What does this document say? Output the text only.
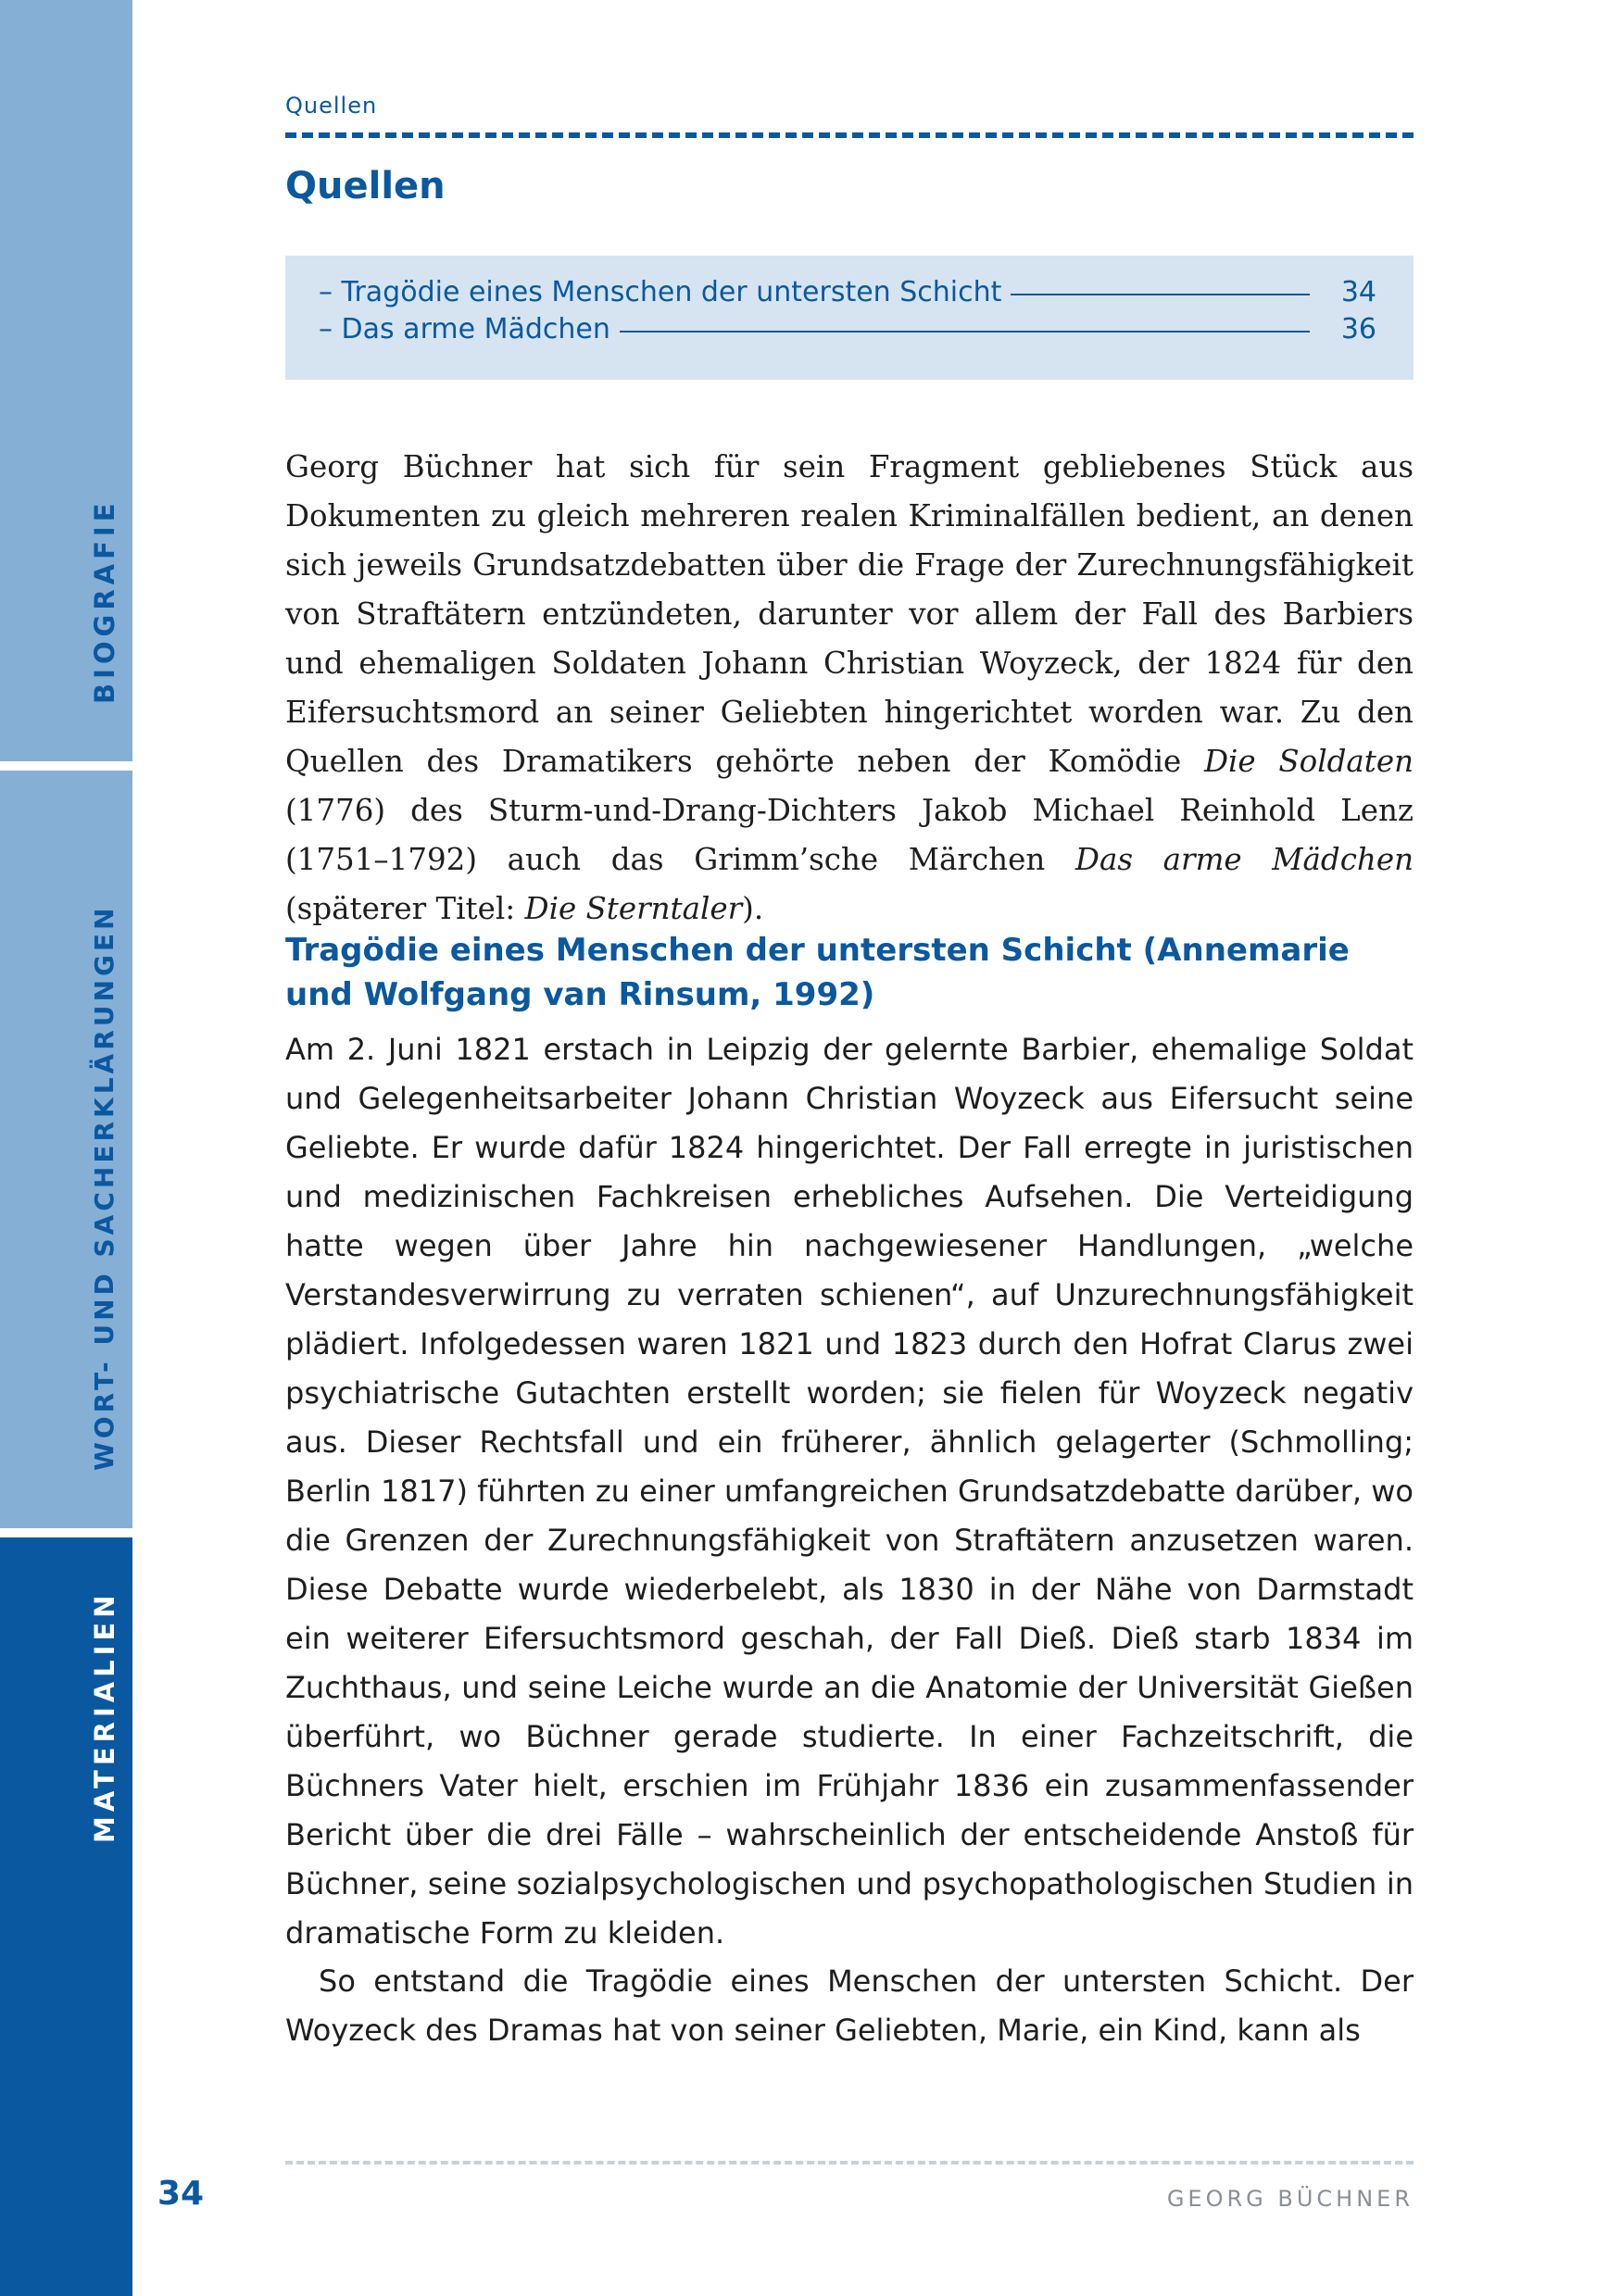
BIOGRAFIE
WORT- UND SACHERKLÄRUNGEN
MATERIALIEN
34
Quellen
Quellen
– Tragödie eines Menschen der untersten Schicht	34
– Das arme Mädchen	36

Georg Büchner hat sich für sein Fragment gebliebenes Stück aus Dokumenten zu gleich mehreren realen Kriminalfällen bedient, an denen sich jeweils Grundsatzdebatten über die Frage der Zurechnungsfähigkeit von Straftätern entzündeten, darunter vor allem der Fall des Barbiers und ehemaligen Soldaten Johann Christian Woyzeck, der 1824 für den Eifersuchtsmord an seiner Geliebten hingerichtet worden war. Zu den Quellen des Dramatikers gehörte neben der Komödie Die Soldaten (1776) des Sturm-und-Drang-Dichters Jakob Michael Reinhold Lenz (1751–1792) auch das Grimm’sche Märchen Das arme Mädchen (späterer Titel: Die Sterntaler).

Tragödie eines Menschen der untersten Schicht (Annemarie und Wolfgang van Rinsum, 1992)

Am 2. Juni 1821 erstach in Leipzig der gelernte Barbier, ehemalige Soldat und Gelegenheitsarbeiter Johann Christian Woyzeck aus Eifersucht seine Geliebte. Er wurde dafür 1824 hingerichtet. Der Fall erregte in juristischen und medizinischen Fachkreisen erhebliches Aufsehen. Die Verteidigung hatte wegen über Jahre hin nachgewiesener Handlungen, „welche Verstandesverwirrung zu verraten schienen“, auf Unzurechnungsfähigkeit plädiert. Infolgedessen waren 1821 und 1823 durch den Hofrat Clarus zwei psychiatrische Gutachten erstellt worden; sie fielen für Woyzeck negativ aus. Dieser Rechtsfall und ein früherer, ähnlich gelagerter (Schmolling; Berlin 1817) führten zu einer umfangreichen Grundsatzdebatte darüber, wo die Grenzen der Zurechnungsfähigkeit von Straftätern anzusetzen waren. Diese Debatte wurde wiederbelebt, als 1830 in der Nähe von Darmstadt ein weiterer Eifersuchtsmord geschah, der Fall Dieß. Dieß starb 1834 im Zuchthaus, und seine Leiche wurde an die Anatomie der Universität Gießen überführt, wo Büchner gerade studierte. In einer Fachzeitschrift, die Büchners Vater hielt, erschien im Frühjahr 1836 ein zusammenfassender Bericht über die drei Fälle – wahrscheinlich der entscheidende Anstoß für Büchner, seine sozialpsychologischen und psychopathologischen Studien in dramatische Form zu kleiden.

So entstand die Tragödie eines Menschen der untersten Schicht. Der Woyzeck des Dramas hat von seiner Geliebten, Marie, ein Kind, kann als

GEORG BÜCHNER
